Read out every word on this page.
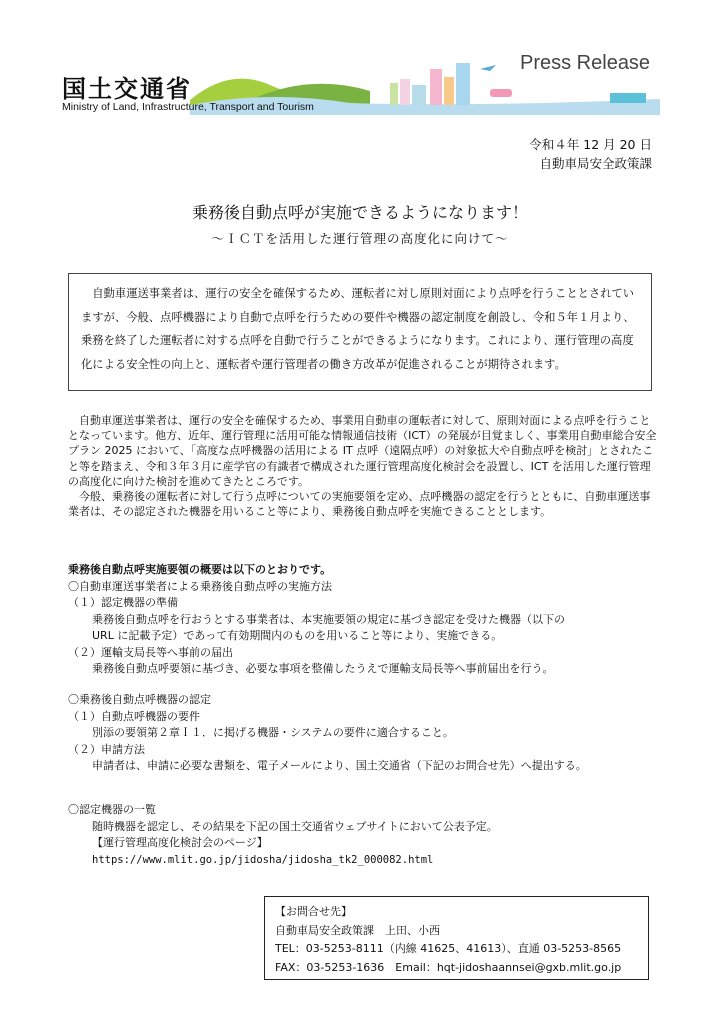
Press Release
国土交通省
Ministry of Land, Infrastructure, Transport and Tourism
令和４年 12 月 20 日
自動車局安全政策課
乗務後自動点呼が実施できるようになります！
～ＩＣＴを活用した運行管理の高度化に向けて～

自動車運送事業者は、運行の安全を確保するため、運転者に対し原則対面により点呼を行うこととされていますが、今般、点呼機器により自動で点呼を行うための要件や機器の認定制度を創設し、令和５年１月より、乗務を終了した運転者に対する点呼を自動で行うことができるようになります。これにより、運行管理の高度化による安全性の向上と、運転者や運行管理者の働き方改革が促進されることが期待されます。

自動車運送事業者は、運行の安全を確保するため、事業用自動車の運転者に対して、原則対面による点呼を行うこととなっています。他方、近年、運行管理に活用可能な情報通信技術（ICT）の発展が目覚ましく、事業用自動車総合安全プラン 2025 において、「高度な点呼機器の活用による IT 点呼（遠隔点呼）の対象拡大や自動点呼を検討」とされたこと等を踏まえ、令和３年３月に産学官の有識者で構成された運行管理高度化検討会を設置し、ICT を活用した運行管理の高度化に向けた検討を進めてきたところです。

今般、乗務後の運転者に対して行う点呼についての実施要領を定め、点呼機器の認定を行うとともに、自動車運送事業者は、その認定された機器を用いること等により、乗務後自動点呼を実施できることとします。

乗務後自動点呼実施要領の概要は以下のとおりです。
〇自動車運送事業者による乗務後自動点呼の実施方法
（１）認定機器の準備
乗務後自動点呼を行おうとする事業者は、本実施要領の規定に基づき認定を受けた機器（以下の
URL に記載予定）であって有効期間内のものを用いること等により、実施できる。
（２）運輸支局長等へ事前の届出
乗務後自動点呼要領に基づき、必要な事項を整備したうえで運輸支局長等へ事前届出を行う。
〇乗務後自動点呼機器の認定
（１）自動点呼機器の要件
別添の要領第２章Ｉ１．に掲げる機器・システムの要件に適合すること。
（２）申請方法
申請者は、申請に必要な書類を、電子メールにより、国土交通省（下記のお問合せ先）へ提出する。
〇認定機器の一覧
随時機器を認定し、その結果を下記の国土交通省ウェブサイトにおいて公表予定。
【運行管理高度化検討会のページ】
https://www.mlit.go.jp/jidosha/jidosha_tk2_000082.html
【お問合せ先】
自動車局安全政策課　上田、小西
TEL：03-5253-8111（内線 41625、41613）、直通 03-5253-8565
FAX：03-5253-1636　Email：hqt-jidoshaannsei@gxb.mlit.go.jp
